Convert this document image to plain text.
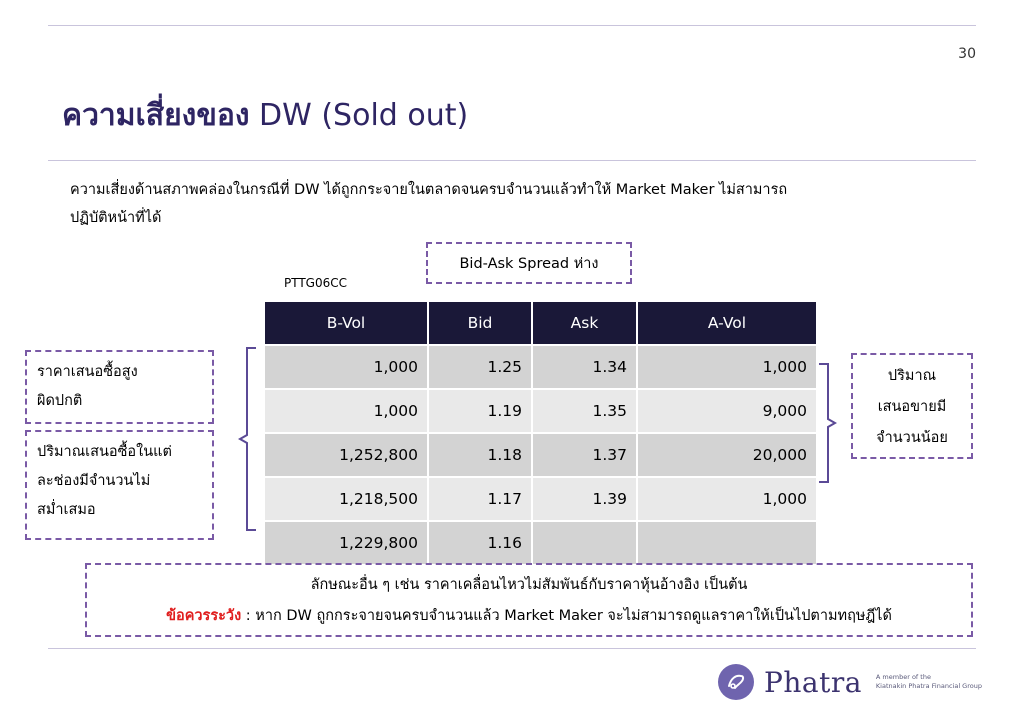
30
ความเสี่ยงของ DW (Sold out)
ความเสี่ยงด้านสภาพคล่องในกรณีที่ DW ได้ถูกกระจายในตลาดจนครบจำนวนแล้วทำให้ Market Maker ไม่สามารถ
ปฏิบัติหน้าที่ได้
Bid-Ask Spread ห่าง
PTTG06CC
B-Vol	Bid	Ask	A-Vol
1,000	1.25	1.34	1,000
1,000	1.19	1.35	9,000
1,252,800	1.18	1.37	20,000
1,218,500	1.17	1.39	1,000
1,229,800	1.16		
ราคาเสนอซื้อสูง
ผิดปกติ
ปริมาณเสนอซื้อในแต่
ละช่องมีจำนวนไม่
สม่ำเสมอ
ปริมาณ
เสนอขายมี
จำนวนน้อย
ลักษณะอื่น ๆ เช่น ราคาเคลื่อนไหวไม่สัมพันธ์กับราคาหุ้นอ้างอิง เป็นต้น
ข้อควรระวัง : หาก DW ถูกกระจายจนครบจำนวนแล้ว Market Maker จะไม่สามารถดูแลราคาให้เป็นไปตามทฤษฎีได้
Phatra A member of the
Kiatnakin Phatra Financial Group
